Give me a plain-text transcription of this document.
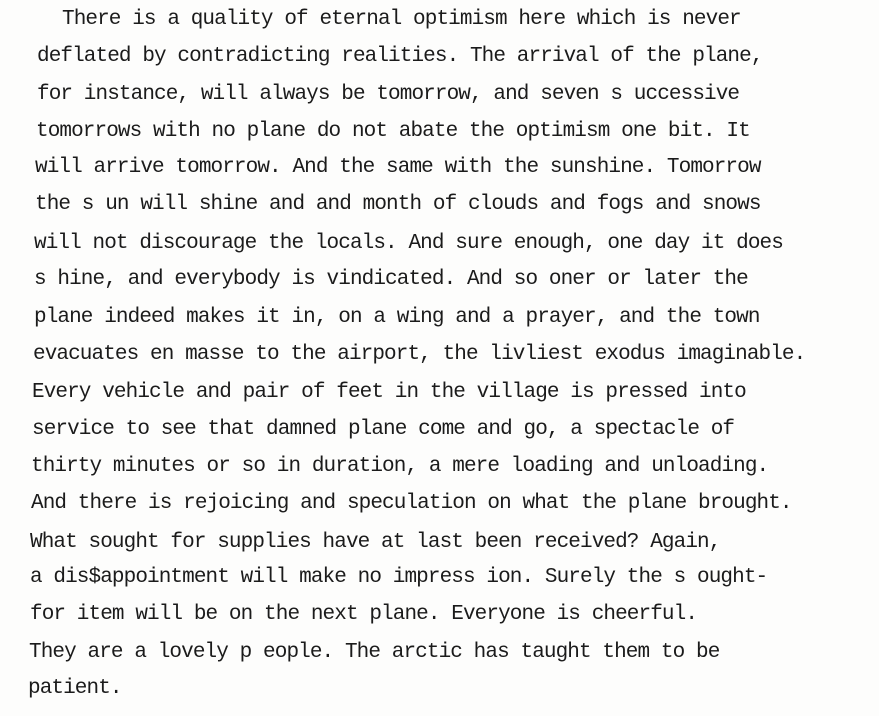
There is a quality of eternal optimism here which is never
deflated by contradicting realities. The arrival of the plane,
for instance, will always be tomorrow, and seven s uccessive
tomorrows with no plane do not abate the optimism one bit. It
will arrive tomorrow. And the same with the sunshine. Tomorrow
the s un will shine and and month of clouds and fogs and snows
will not discourage the locals. And sure enough, one day it does
s hine, and everybody is vindicated. And so oner or later the
plane indeed makes it in, on a wing and a prayer, and the town
evacuates en masse to the airport, the livliest exodus imaginable.
Every vehicle and pair of feet in the village is pressed into
service to see that damned plane come and go, a spectacle of
thirty minutes or so in duration, a mere loading and unloading.
And there is rejoicing and speculation on what the plane brought.
What sought for supplies have at last been received? Again,
a dis$appointment will make no impress ion. Surely the s ought-
for item will be on the next plane. Everyone is cheerful.
They are a lovely p eople. The arctic has taught them to be
patient.
